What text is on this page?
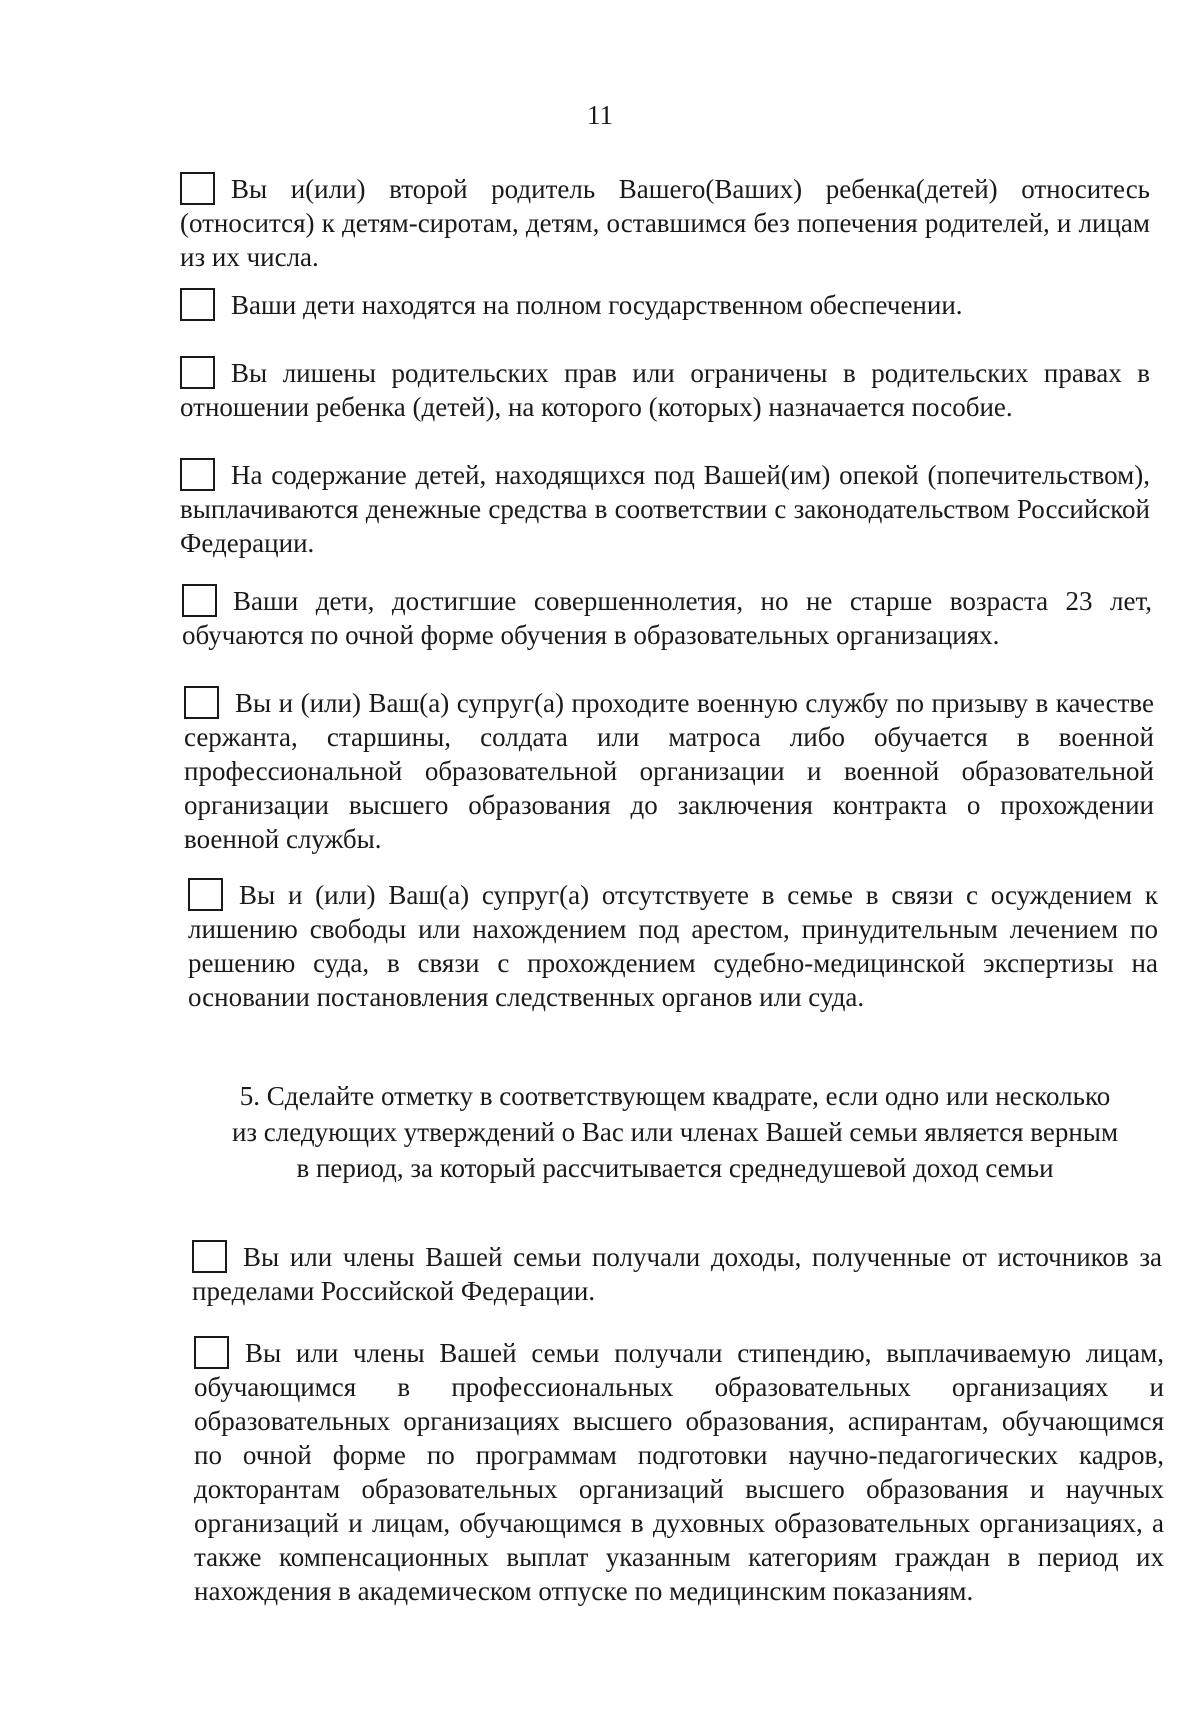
11
Вы и(или) второй родитель Вашего(Ваших) ребенка(детей) относитесь (относится) к детям-сиротам, детям, оставшимся без попечения родителей, и лицам из их числа.
Ваши дети находятся на полном государственном обеспечении.
Вы лишены родительских прав или ограничены в родительских правах в отношении ребенка (детей), на которого (которых) назначается пособие.
На содержание детей, находящихся под Вашей(им) опекой (попечительством), выплачиваются денежные средства в соответствии с законодательством Российской Федерации.
Ваши дети, достигшие совершеннолетия, но не старше возраста 23 лет, обучаются по очной форме обучения в образовательных организациях.
Вы и (или) Ваш(а) супруг(а) проходите военную службу по призыву в качестве сержанта, старшины, солдата или матроса либо обучается в военной профессиональной образовательной организации и военной образовательной организации высшего образования до заключения контракта о прохождении военной службы.
Вы и (или) Ваш(а) супруг(а) отсутствуете в семье в связи с осуждением к лишению свободы или нахождением под арестом, принудительным лечением по решению суда, в связи с прохождением судебно-медицинской экспертизы на основании постановления следственных органов или суда.
5. Сделайте отметку в соответствующем квадрате, если одно или несколько
из следующих утверждений о Вас или членах Вашей семьи является верным
в период, за который рассчитывается среднедушевой доход семьи
Вы или члены Вашей семьи получали доходы, полученные от источников за пределами Российской Федерации.
Вы или члены Вашей семьи получали стипендию, выплачиваемую лицам, обучающимся в профессиональных образовательных организациях и образовательных организациях высшего образования, аспирантам, обучающимся по очной форме по программам подготовки научно-педагогических кадров, докторантам образовательных организаций высшего образования и научных организаций и лицам, обучающимся в духовных образовательных организациях, а также компенсационных выплат указанным категориям граждан в период их нахождения в академическом отпуске по медицинским показаниям.
